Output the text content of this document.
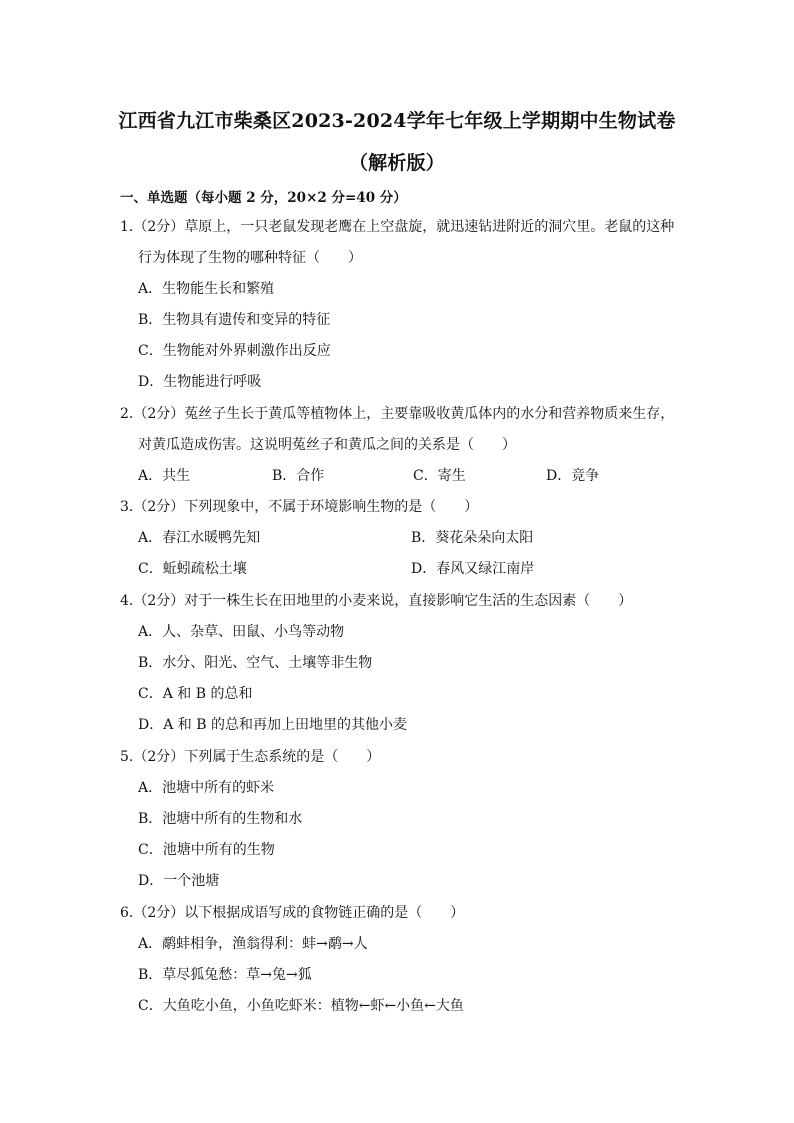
江西省九江市柴桑区2023-2024学年七年级上学期期中生物试卷
（解析版）
一、单选题（每小题 2 分，20×2 分=40 分）
1.（2分）草原上，一只老鼠发现老鹰在上空盘旋，就迅速钻进附近的洞穴里。老鼠的这种
行为体现了生物的哪种特征（　　）
A．生物能生长和繁殖
B．生物具有遗传和变异的特征
C．生物能对外界刺激作出反应
D．生物能进行呼吸
2.（2分）菟丝子生长于黄瓜等植物体上，主要靠吸收黄瓜体内的水分和营养物质来生存，
对黄瓜造成伤害。这说明菟丝子和黄瓜之间的关系是（　　）
A．共生	B．合作	C．寄生	D．竞争
3.（2分）下列现象中，不属于环境影响生物的是（　　）
A．春江水暖鸭先知	B．葵花朵朵向太阳
C．蚯蚓疏松土壤	D．春风又绿江南岸
4.（2分）对于一株生长在田地里的小麦来说，直接影响它生活的生态因素（　　）
A．人、杂草、田鼠、小鸟等动物
B．水分、阳光、空气、土壤等非生物
C．A 和 B 的总和
D．A 和 B 的总和再加上田地里的其他小麦
5.（2分）下列属于生态系统的是（　　）
A．池塘中所有的虾米
B．池塘中所有的生物和水
C．池塘中所有的生物
D．一个池塘
6.（2分）以下根据成语写成的食物链正确的是（　　）
A．鹬蚌相争，渔翁得利：蚌→鹬→人
B．草尽狐兔愁：草→兔→狐
C．大鱼吃小鱼，小鱼吃虾米：植物←虾←小鱼←大鱼
